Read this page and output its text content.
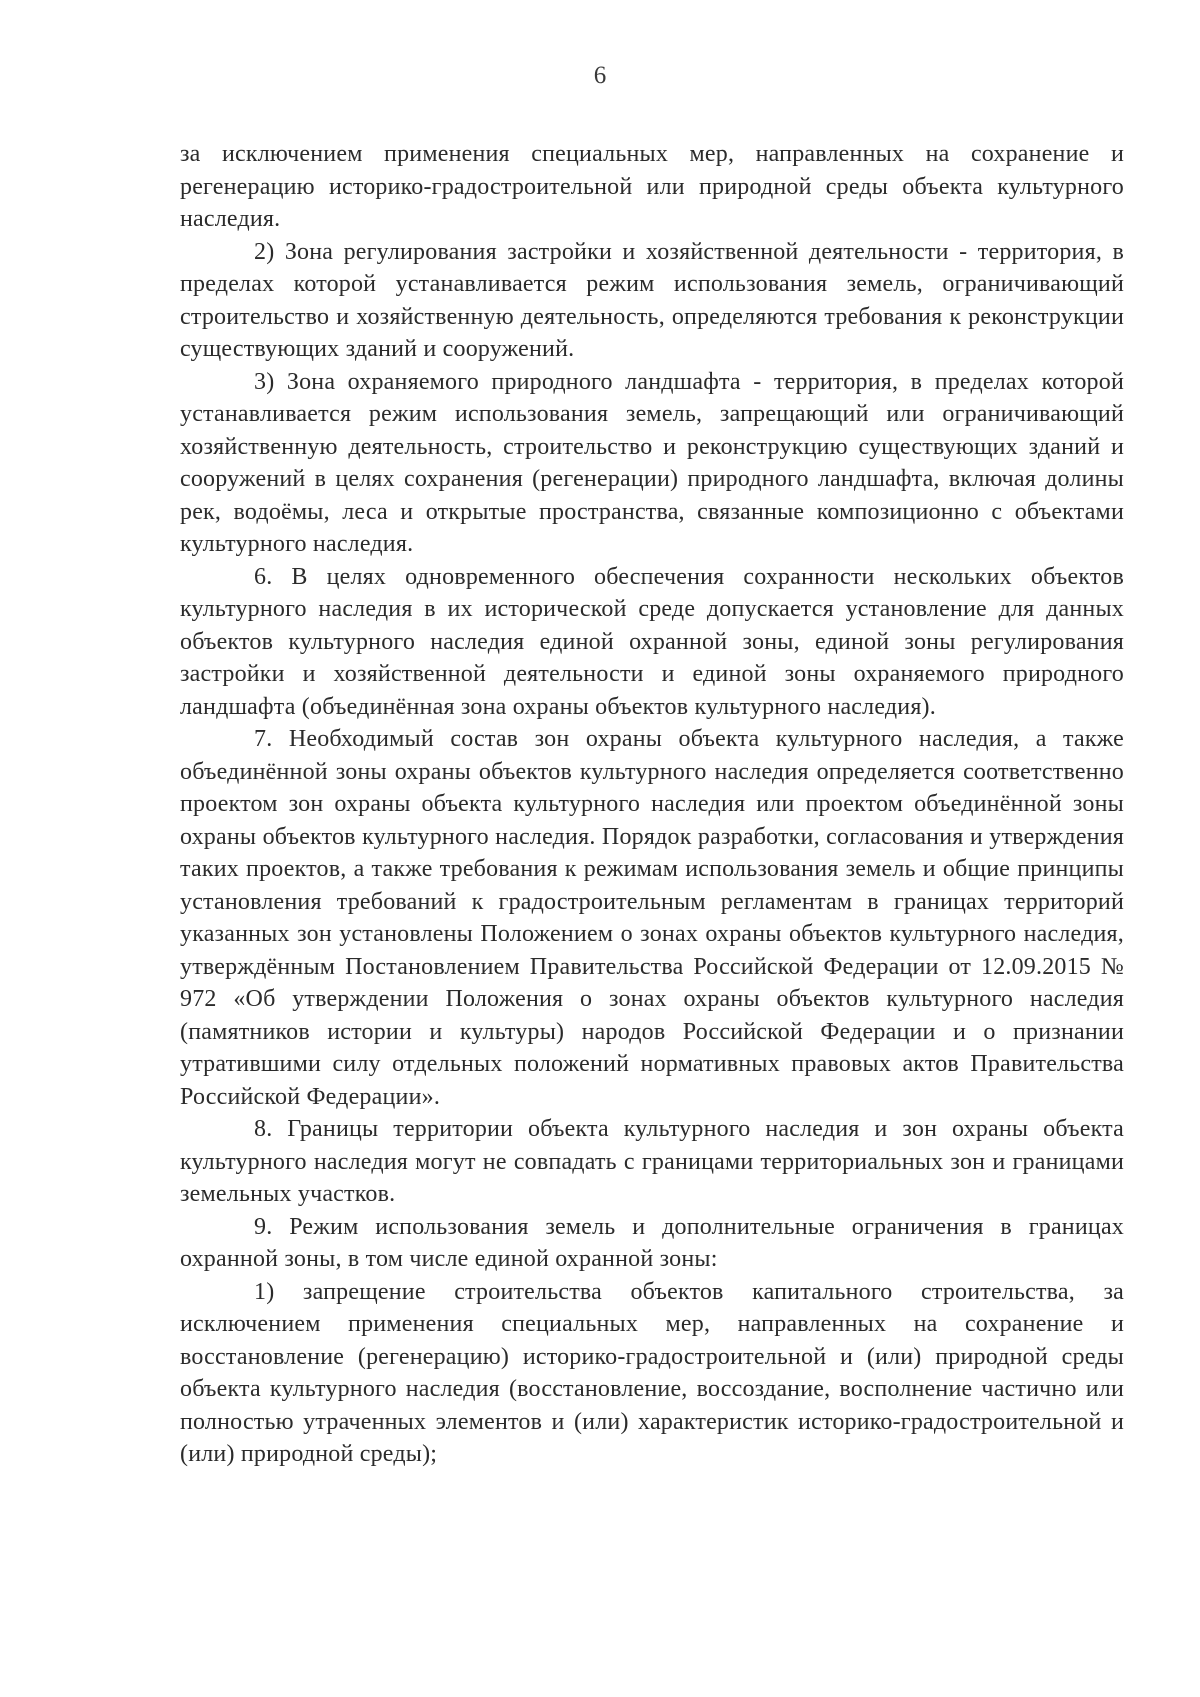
6

за исключением применения специальных мер, направленных на сохранение и регенерацию историко-градостроительной или природной среды объекта культурного наследия.

2) Зона регулирования застройки и хозяйственной деятельности - территория, в пределах которой устанавливается режим использования земель, ограничивающий строительство и хозяйственную деятельность, определяются требования к реконструкции существующих зданий и сооружений.

3) Зона охраняемого природного ландшафта - территория, в пределах которой устанавливается режим использования земель, запрещающий или ограничивающий хозяйственную деятельность, строительство и реконструкцию существующих зданий и сооружений в целях сохранения (регенерации) природного ландшафта, включая долины рек, водоёмы, леса и открытые пространства, связанные композиционно с объектами культурного наследия.

6. В целях одновременного обеспечения сохранности нескольких объектов культурного наследия в их исторической среде допускается установление для данных объектов культурного наследия единой охранной зоны, единой зоны регулирования застройки и хозяйственной деятельности и единой зоны охраняемого природного ландшафта (объединённая зона охраны объектов культурного наследия).

7. Необходимый состав зон охраны объекта культурного наследия, а также объединённой зоны охраны объектов культурного наследия определяется соответственно проектом зон охраны объекта культурного наследия или проектом объединённой зоны охраны объектов культурного наследия. Порядок разработки, согласования и утверждения таких проектов, а также требования к режимам использования земель и общие принципы установления требований к градостроительным регламентам в границах территорий указанных зон установлены Положением о зонах охраны объектов культурного наследия, утверждённым Постановлением Правительства Российской Федерации от 12.09.2015 № 972 «Об утверждении Положения о зонах охраны объектов культурного наследия (памятников истории и культуры) народов Российской Федерации и о признании утратившими силу отдельных положений нормативных правовых актов Правительства Российской Федерации».

8. Границы территории объекта культурного наследия и зон охраны объекта культурного наследия могут не совпадать с границами территориальных зон и границами земельных участков.

9. Режим использования земель и дополнительные ограничения в границах охранной зоны, в том числе единой охранной зоны:

1) запрещение строительства объектов капитального строительства, за исключением применения специальных мер, направленных на сохранение и восстановление (регенерацию) историко-градостроительной и (или) природной среды объекта культурного наследия (восстановление, воссоздание, восполнение частично или полностью утраченных элементов и (или) характеристик историко-градостроительной и (или) природной среды);
